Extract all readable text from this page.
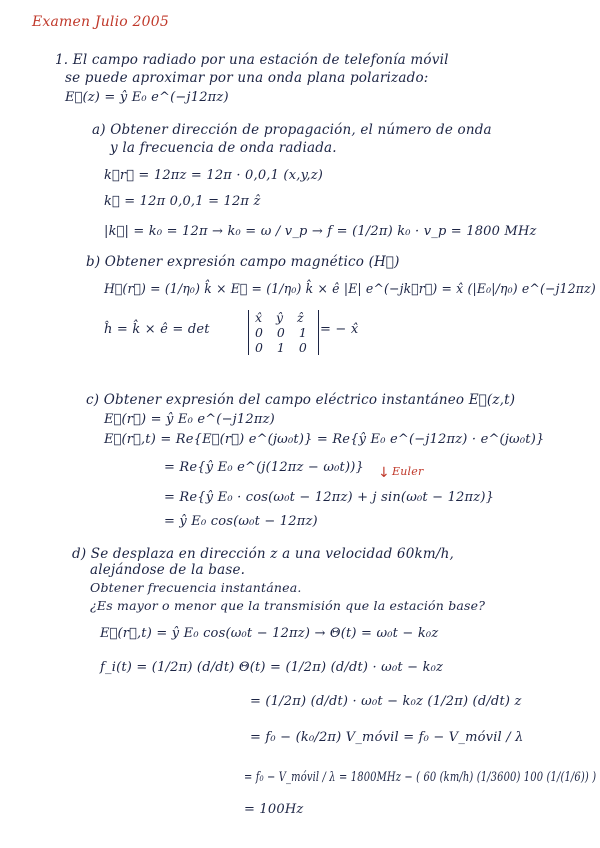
Examen Julio 2005
1. El campo radiado por una estación de telefonía móvil
se puede aproximar por una onda plana polarizado:
E⃗(z) = ŷ E₀ e^(−j12πz)
a) Obtener dirección de propagación, el número de onda
y la frecuencia de onda radiada.
k⃗r⃗ = 12πz = 12π · 0,0,1 (x,y,z)
k⃗ = 12π 0,0,1 = 12π ẑ
|k⃗| = k₀ = 12π → k₀ = ω / v_p → f = (1/2π) k₀ · v_p = 1800 MHz
b) Obtener expresión campo magnético (H⃗)
H⃗(r⃗) = (1/η₀) k̂ × E⃗ = (1/η₀) k̂ × ê |E| e^(−jk⃗r⃗) = x̂ (|E₀|/η₀) e^(−j12πz)
ĥ = k̂ × ê = det
x̂ ŷ ẑ
0 0 1
0 1 0
= − x̂
c) Obtener expresión del campo eléctrico instantáneo E⃗(z,t)
E⃗(r⃗) = ŷ E₀ e^(−j12πz)
E⃗(r⃗,t) = Re{E⃗(r⃗) e^(jω₀t)} = Re{ŷ E₀ e^(−j12πz) · e^(jω₀t)}
= Re{ŷ E₀ e^(j(12πz − ω₀t))} ↓ Euler
= Re{ŷ E₀ · cos(ω₀t − 12πz) + j sin(ω₀t − 12πz)}
= ŷ E₀ cos(ω₀t − 12πz)
d) Se desplaza en dirección z a una velocidad 60km/h,
alejándose de la base.
Obtener frecuencia instantánea.
¿Es mayor o menor que la transmisión que la estación base?
E⃗(r⃗,t) = ŷ E₀ cos(ω₀t − 12πz) → Θ(t) = ω₀t − k₀z
f_i(t) = (1/2π) (d/dt) Θ(t) = (1/2π) (d/dt) · ω₀t − k₀z
= (1/2π) (d/dt) · ω₀t − k₀z (1/2π) (d/dt) z
= f₀ − (k₀/2π) V_móvil = f₀ − V_móvil / λ
= f₀ − V_móvil / λ = 1800MHz − ( 60 (km/h) (1/3600) 100 (1/(1/6)) )
= 100Hz
